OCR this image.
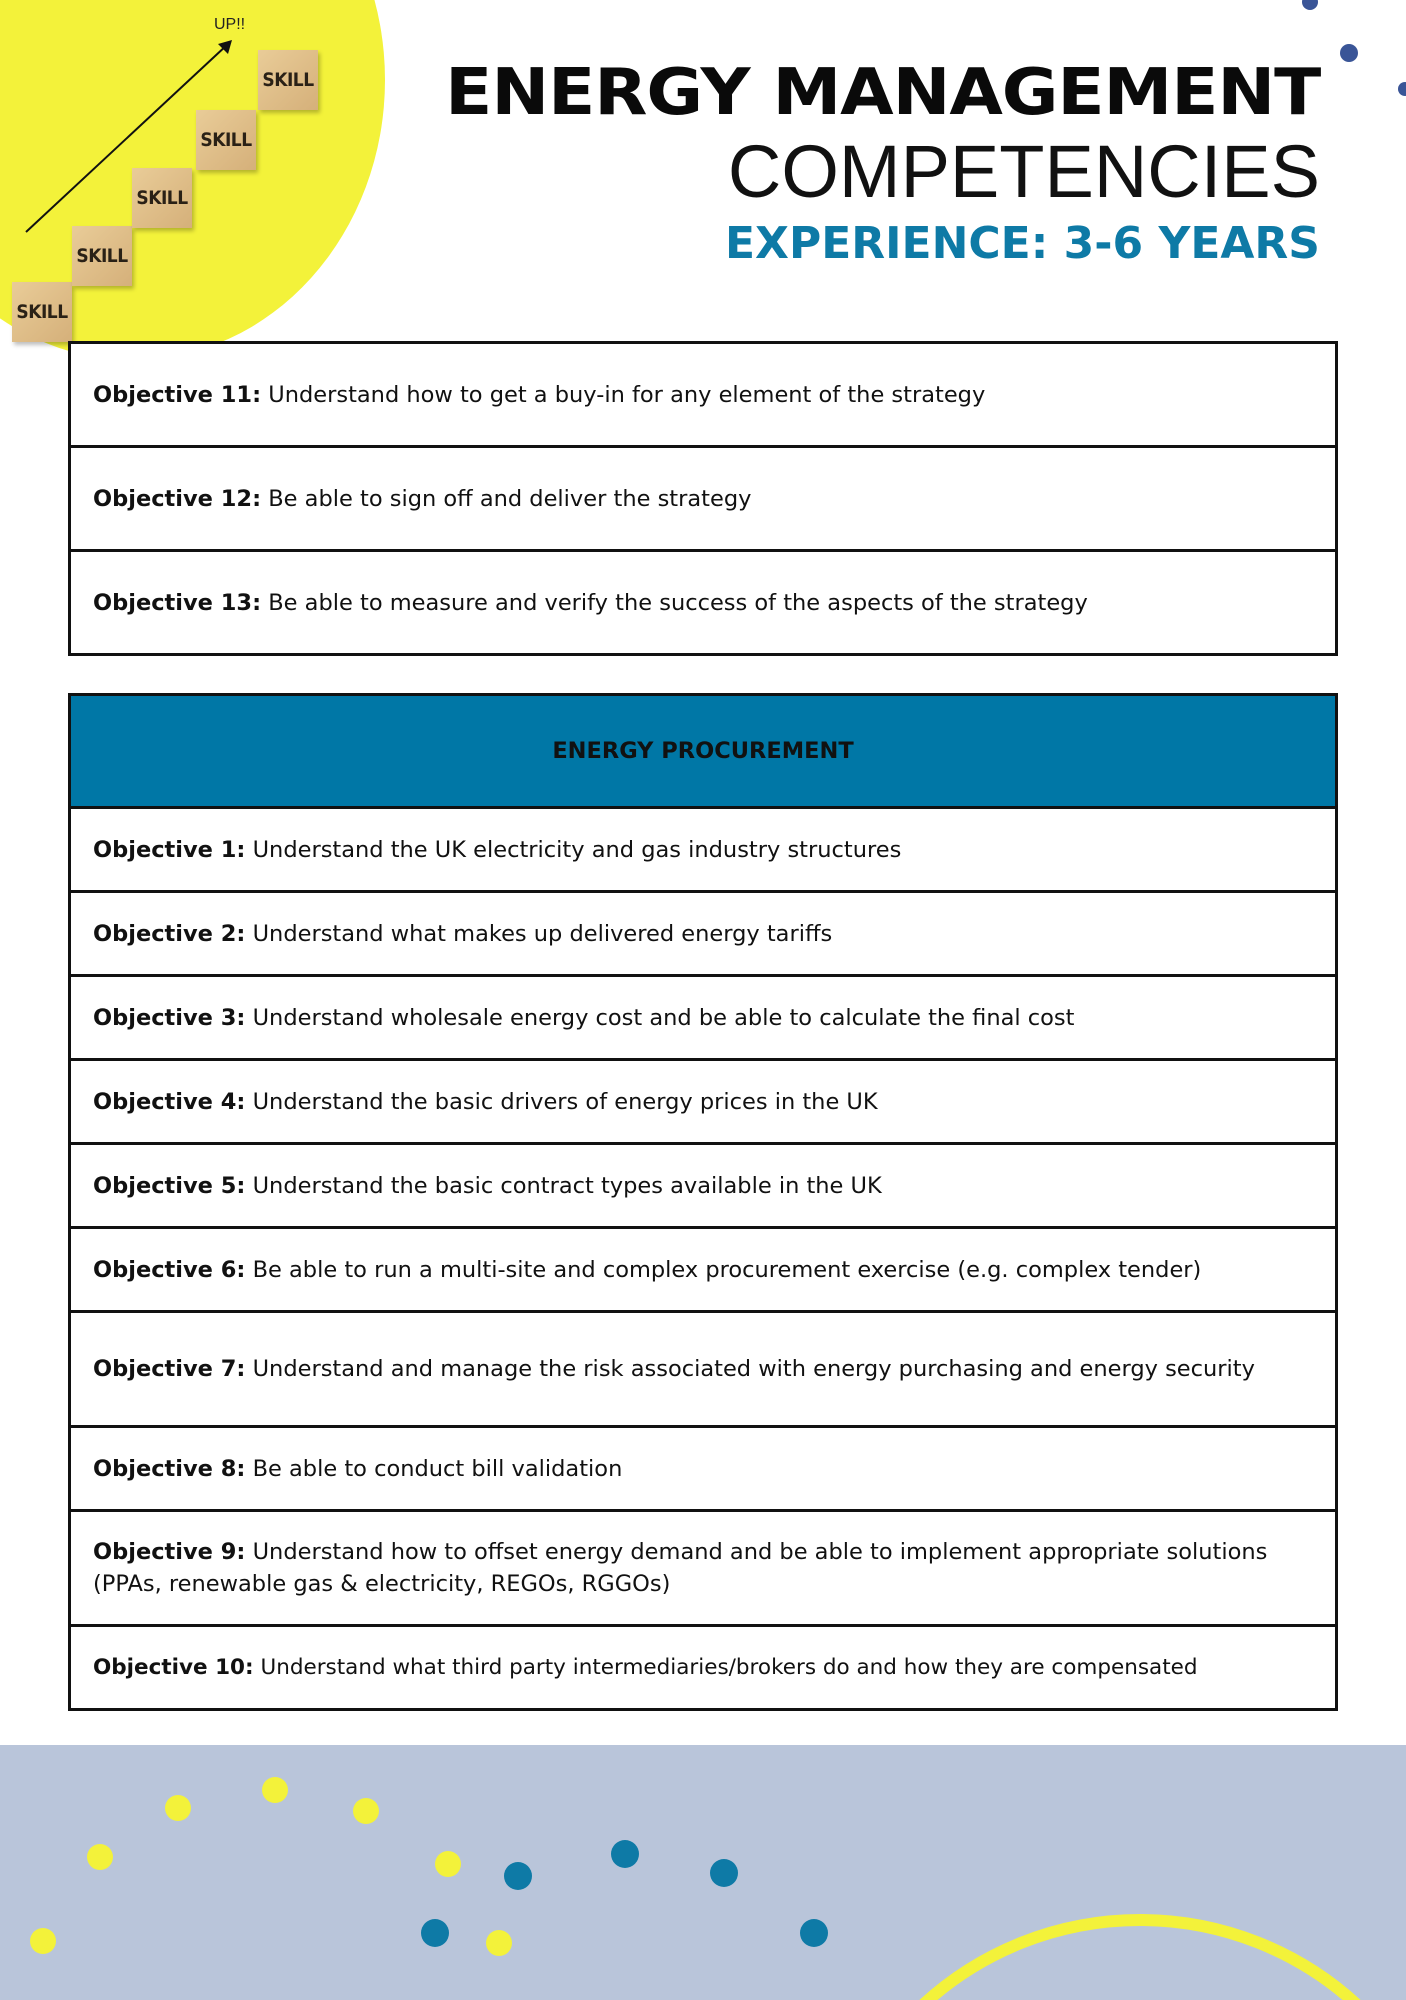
UP!!
SKILL
SKILL
SKILL
SKILL
SKILL ENERGY MANAGEMENT
COMPETENCIES
EXPERIENCE: 3-6 YEARS
Objective 11: Understand how to get a buy-in for any element of the strategy
Objective 12: Be able to sign off and deliver the strategy
Objective 13: Be able to measure and verify the success of the aspects of the strategy
ENERGY PROCUREMENT
Objective 1: Understand the UK electricity and gas industry structures
Objective 2: Understand what makes up delivered energy tariffs
Objective 3: Understand wholesale energy cost and be able to calculate the final cost
Objective 4: Understand the basic drivers of energy prices in the UK
Objective 5: Understand the basic contract types available in the UK
Objective 6: Be able to run a multi-site and complex procurement exercise (e.g. complex tender)
Objective 7: Understand and manage the risk associated with energy purchasing and energy security
Objective 8: Be able to conduct bill validation
Objective 9: Understand how to offset energy demand and be able to implement appropriate solutions (PPAs, renewable gas & electricity, REGOs, RGGOs)
Objective 10: Understand what third party intermediaries/brokers do and how they are compensated
